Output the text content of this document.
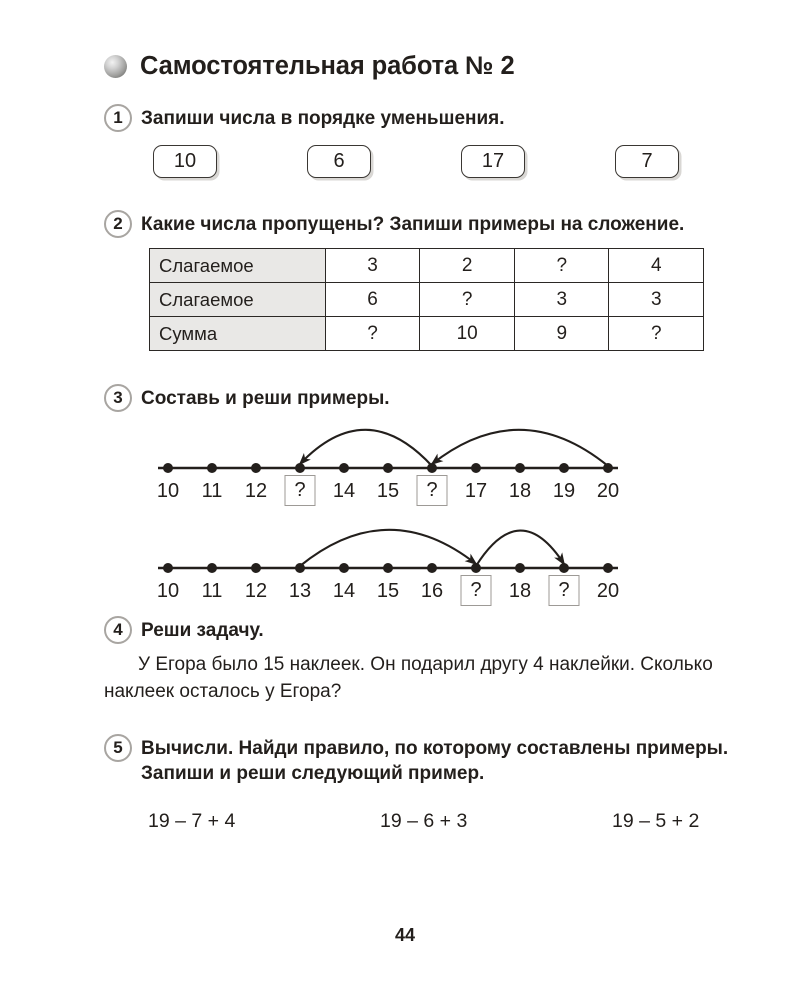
Самостоятельная работа № 2
1 Запиши числа в порядке уменьшения.
10	6	17	7
2 Какие числа пропущены? Запиши примеры на сложение.
Слагаемое	3	2	?	4
Слагаемое	6	?	3	3
Сумма	?	10	9	?
3 Составь и реши примеры.
10 11 12	?	14 15	?	17 18 19 20
10 11 12 13 14 15 16	?	18	?	20
4 Реши задачу.
У Егора было 15 наклеек. Он подарил другу 4 наклейки. Сколько наклеек осталось у Егора?
5 Вычисли. Найди правило, по которому составлены примеры. Запиши и реши следующий пример.
19 – 7 + 4	19 – 6 + 3	19 – 5 + 2
44
